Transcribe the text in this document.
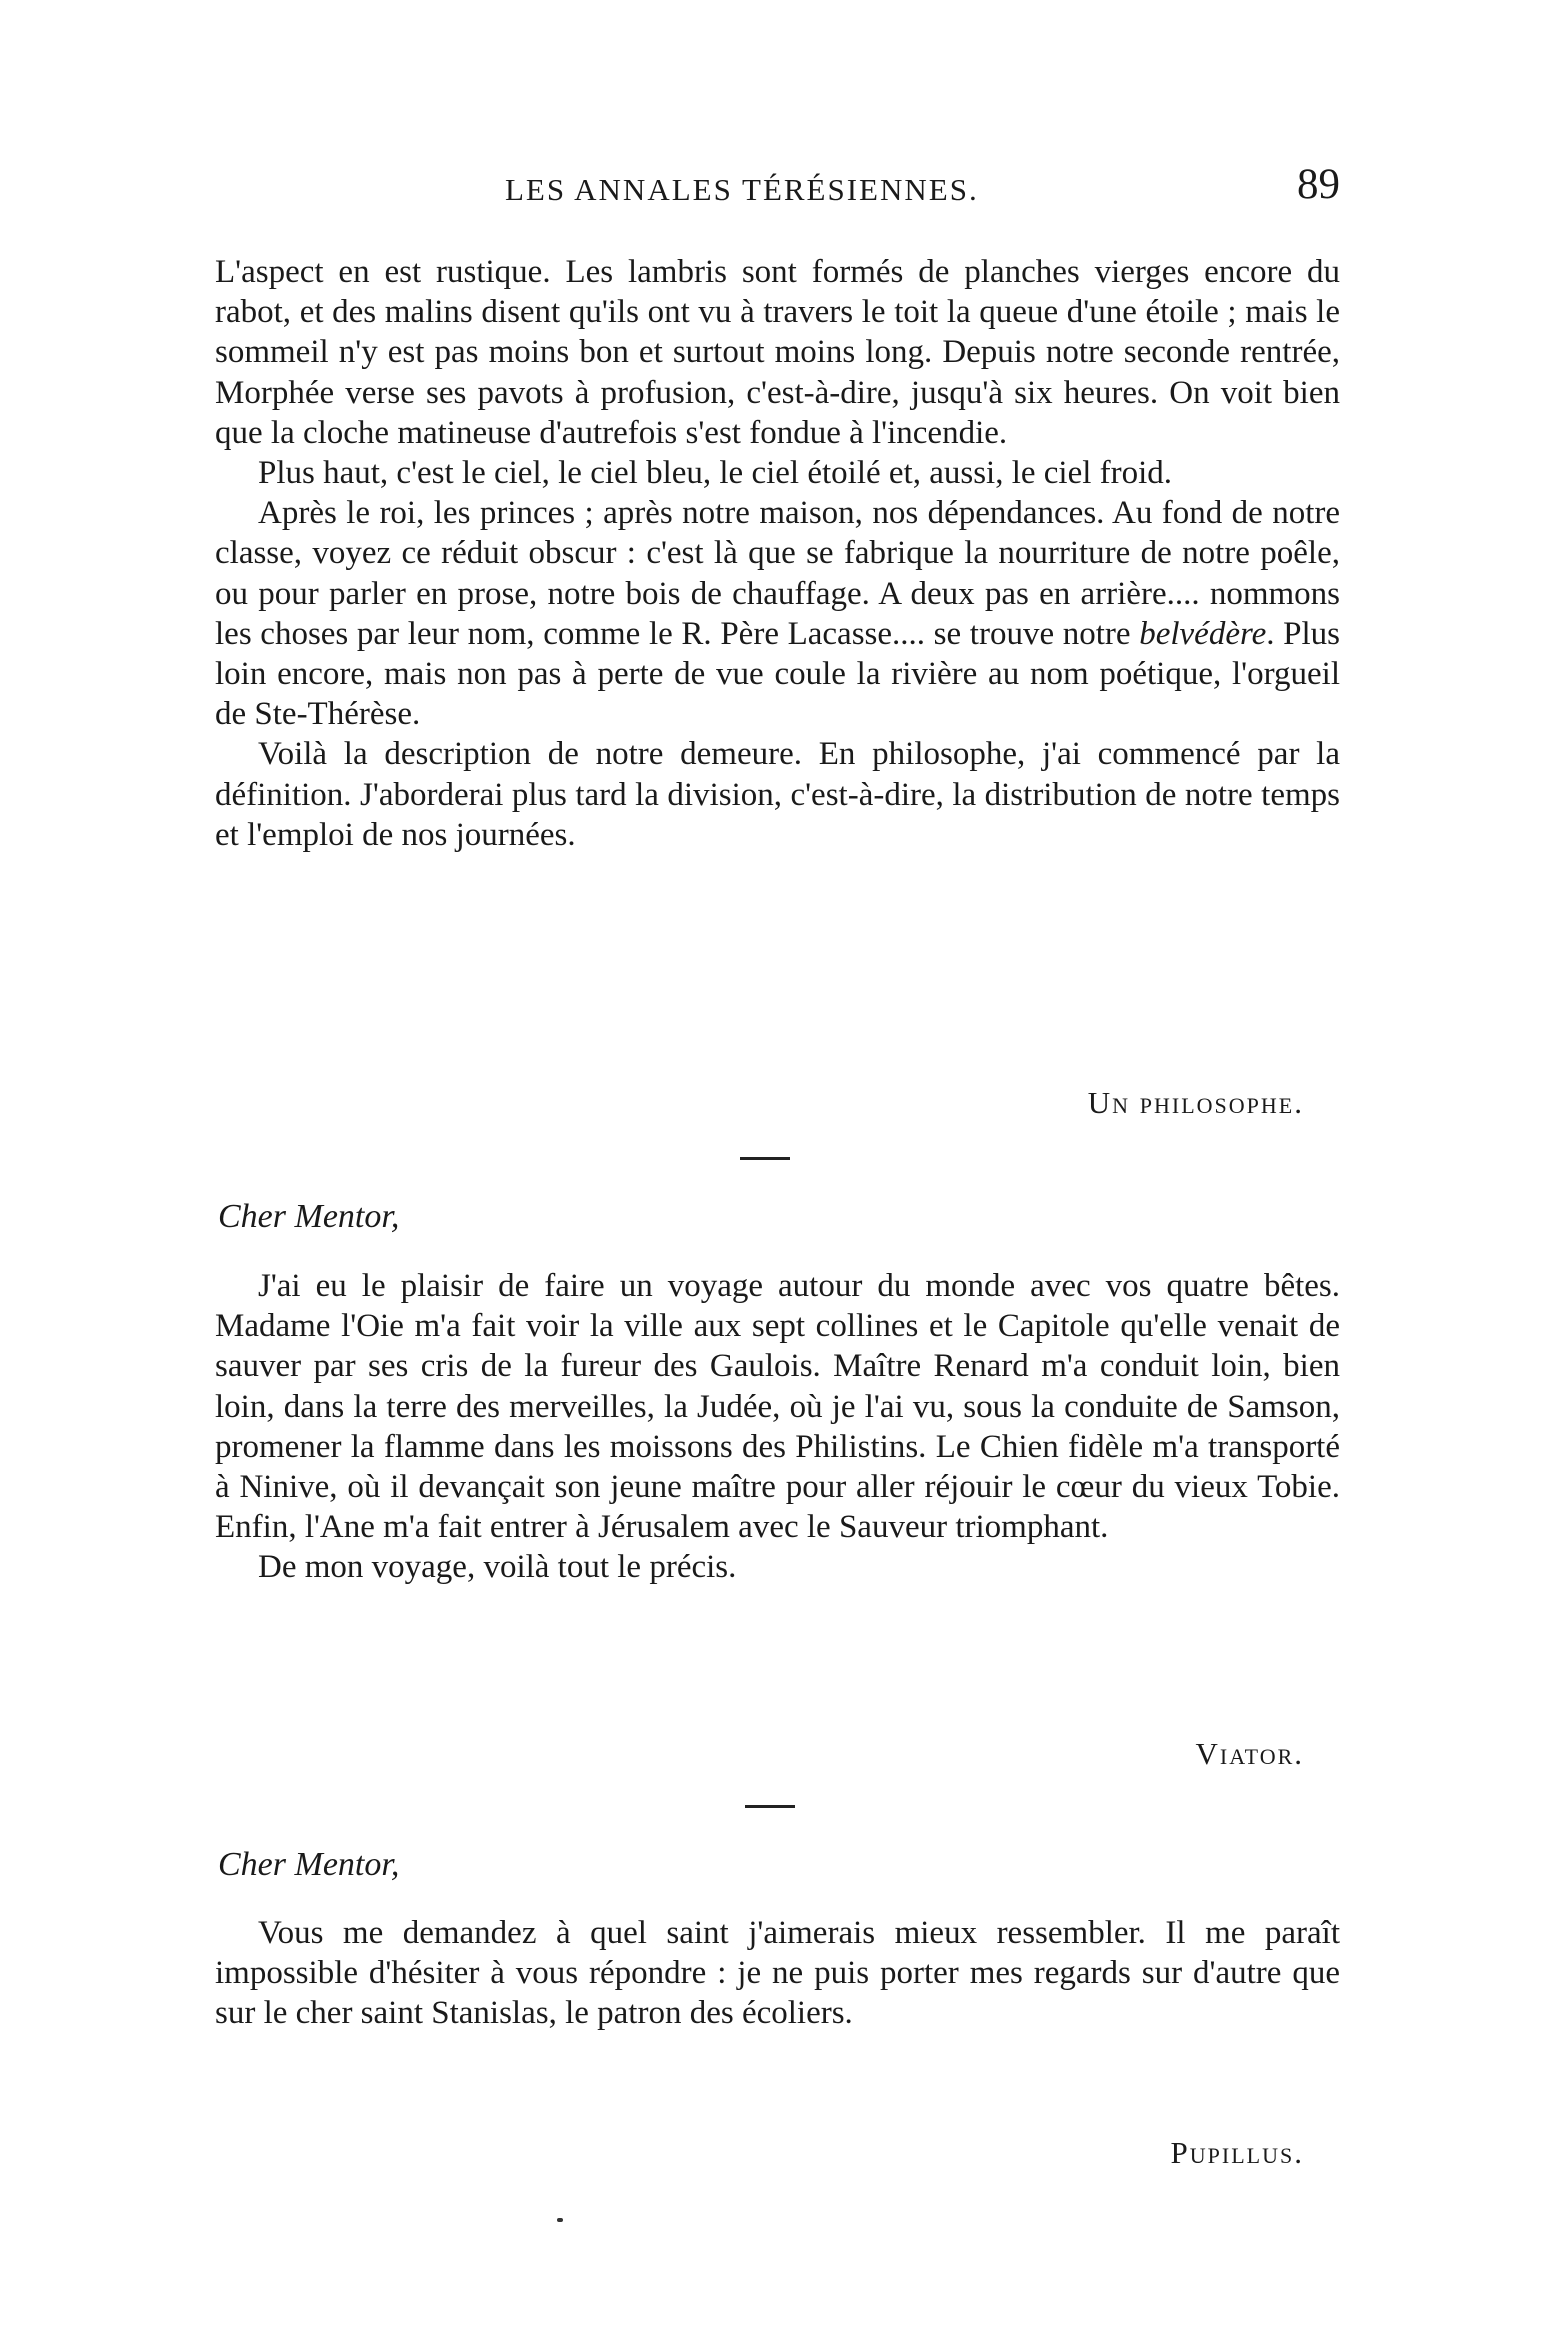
LES ANNALES TÉRÉSIENNES.	89

L'aspect en est rustique. Les lambris sont formés de planches vierges encore du rabot, et des malins disent qu'ils ont vu à travers le toit la queue d'une étoile ; mais le sommeil n'y est pas moins bon et surtout moins long. Depuis notre seconde rentrée, Morphée verse ses pavots à profusion, c'est-à-dire, jusqu'à six heures. On voit bien que la cloche matineuse d'autrefois s'est fondue à l'incendie.

Plus haut, c'est le ciel, le ciel bleu, le ciel étoilé et, aussi, le ciel froid.

Après le roi, les princes ; après notre maison, nos dépendances. Au fond de notre classe, voyez ce réduit obscur : c'est là que se fabrique la nourriture de notre poêle, ou pour parler en prose, notre bois de chauffage. A deux pas en arrière.... nommons les choses par leur nom, comme le R. Père Lacasse.... se trouve notre belvédère. Plus loin encore, mais non pas à perte de vue coule la rivière au nom poétique, l'orgueil de Ste-Thérèse.

Voilà la description de notre demeure. En philosophe, j'ai commencé par la définition. J'aborderai plus tard la division, c'est-à-dire, la distribution de notre temps et l'emploi de nos journées.

Un philosophe.
Cher Mentor,

J'ai eu le plaisir de faire un voyage autour du monde avec vos quatre bêtes. Madame l'Oie m'a fait voir la ville aux sept collines et le Capitole qu'elle venait de sauver par ses cris de la fureur des Gaulois. Maître Renard m'a conduit loin, bien loin, dans la terre des merveilles, la Judée, où je l'ai vu, sous la conduite de Samson, promener la flamme dans les moissons des Philistins. Le Chien fidèle m'a transporté à Ninive, où il devançait son jeune maître pour aller réjouir le cœur du vieux Tobie. Enfin, l'Ane m'a fait entrer à Jérusalem avec le Sauveur triomphant.

De mon voyage, voilà tout le précis.

Viator.
Cher Mentor,

Vous me demandez à quel saint j'aimerais mieux ressembler. Il me paraît impossible d'hésiter à vous répondre : je ne puis porter mes regards sur d'autre que sur le cher saint Stanislas, le patron des écoliers.

Pupillus.
